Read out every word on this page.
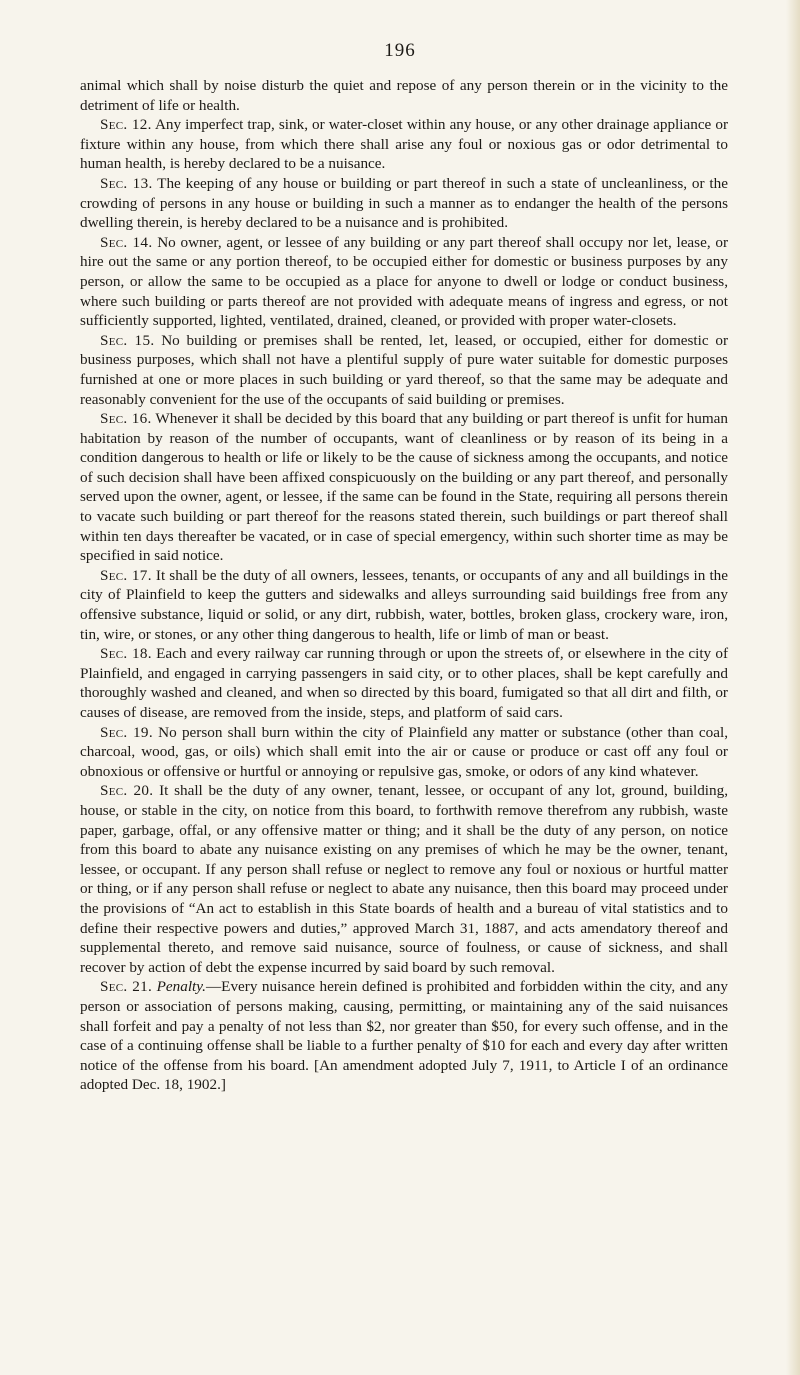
196

animal which shall by noise disturb the quiet and repose of any person therein or in the vicinity to the detriment of life or health.

Sec. 12. Any imperfect trap, sink, or water-closet within any house, or any other drainage appliance or fixture within any house, from which there shall arise any foul or noxious gas or odor detrimental to human health, is hereby declared to be a nuisance.

Sec. 13. The keeping of any house or building or part thereof in such a state of uncleanliness, or the crowding of persons in any house or building in such a manner as to endanger the health of the persons dwelling therein, is hereby declared to be a nuisance and is prohibited.

Sec. 14. No owner, agent, or lessee of any building or any part thereof shall occupy nor let, lease, or hire out the same or any portion thereof, to be occupied either for domestic or business purposes by any person, or allow the same to be occupied as a place for anyone to dwell or lodge or conduct business, where such building or parts thereof are not provided with adequate means of ingress and egress, or not sufficiently supported, lighted, ventilated, drained, cleaned, or provided with proper water-closets.

Sec. 15. No building or premises shall be rented, let, leased, or occupied, either for domestic or business purposes, which shall not have a plentiful supply of pure water suitable for domestic purposes furnished at one or more places in such building or yard thereof, so that the same may be adequate and reasonably convenient for the use of the occupants of said building or premises.

Sec. 16. Whenever it shall be decided by this board that any building or part thereof is unfit for human habitation by reason of the number of occupants, want of cleanliness or by reason of its being in a condition dangerous to health or life or likely to be the cause of sickness among the occupants, and notice of such decision shall have been affixed conspicuously on the building or any part thereof, and personally served upon the owner, agent, or lessee, if the same can be found in the State, requiring all persons therein to vacate such building or part thereof for the reasons stated therein, such buildings or part thereof shall within ten days thereafter be vacated, or in case of special emergency, within such shorter time as may be specified in said notice.

Sec. 17. It shall be the duty of all owners, lessees, tenants, or occupants of any and all buildings in the city of Plainfield to keep the gutters and sidewalks and alleys surrounding said buildings free from any offensive substance, liquid or solid, or any dirt, rubbish, water, bottles, broken glass, crockery ware, iron, tin, wire, or stones, or any other thing dangerous to health, life or limb of man or beast.

Sec. 18. Each and every railway car running through or upon the streets of, or elsewhere in the city of Plainfield, and engaged in carrying passengers in said city, or to other places, shall be kept carefully and thoroughly washed and cleaned, and when so directed by this board, fumigated so that all dirt and filth, or causes of disease, are removed from the inside, steps, and platform of said cars.

Sec. 19. No person shall burn within the city of Plainfield any matter or substance (other than coal, charcoal, wood, gas, or oils) which shall emit into the air or cause or produce or cast off any foul or obnoxious or offensive or hurtful or annoying or repulsive gas, smoke, or odors of any kind whatever.

Sec. 20. It shall be the duty of any owner, tenant, lessee, or occupant of any lot, ground, building, house, or stable in the city, on notice from this board, to forthwith remove therefrom any rubbish, waste paper, garbage, offal, or any offensive matter or thing; and it shall be the duty of any person, on notice from this board to abate any nuisance existing on any premises of which he may be the owner, tenant, lessee, or occupant. If any person shall refuse or neglect to remove any foul or noxious or hurtful matter or thing, or if any person shall refuse or neglect to abate any nuisance, then this board may proceed under the provisions of “An act to establish in this State boards of health and a bureau of vital statistics and to define their respective powers and duties,” approved March 31, 1887, and acts amendatory thereof and supplemental thereto, and remove said nuisance, source of foulness, or cause of sickness, and shall recover by action of debt the expense incurred by said board by such removal.

Sec. 21. Penalty.—Every nuisance herein defined is prohibited and forbidden within the city, and any person or association of persons making, causing, permitting, or maintaining any of the said nuisances shall forfeit and pay a penalty of not less than $2, nor greater than $50, for every such offense, and in the case of a continuing offense shall be liable to a further penalty of $10 for each and every day after written notice of the offense from his board. [An amendment adopted July 7, 1911, to Article I of an ordinance adopted Dec. 18, 1902.]
